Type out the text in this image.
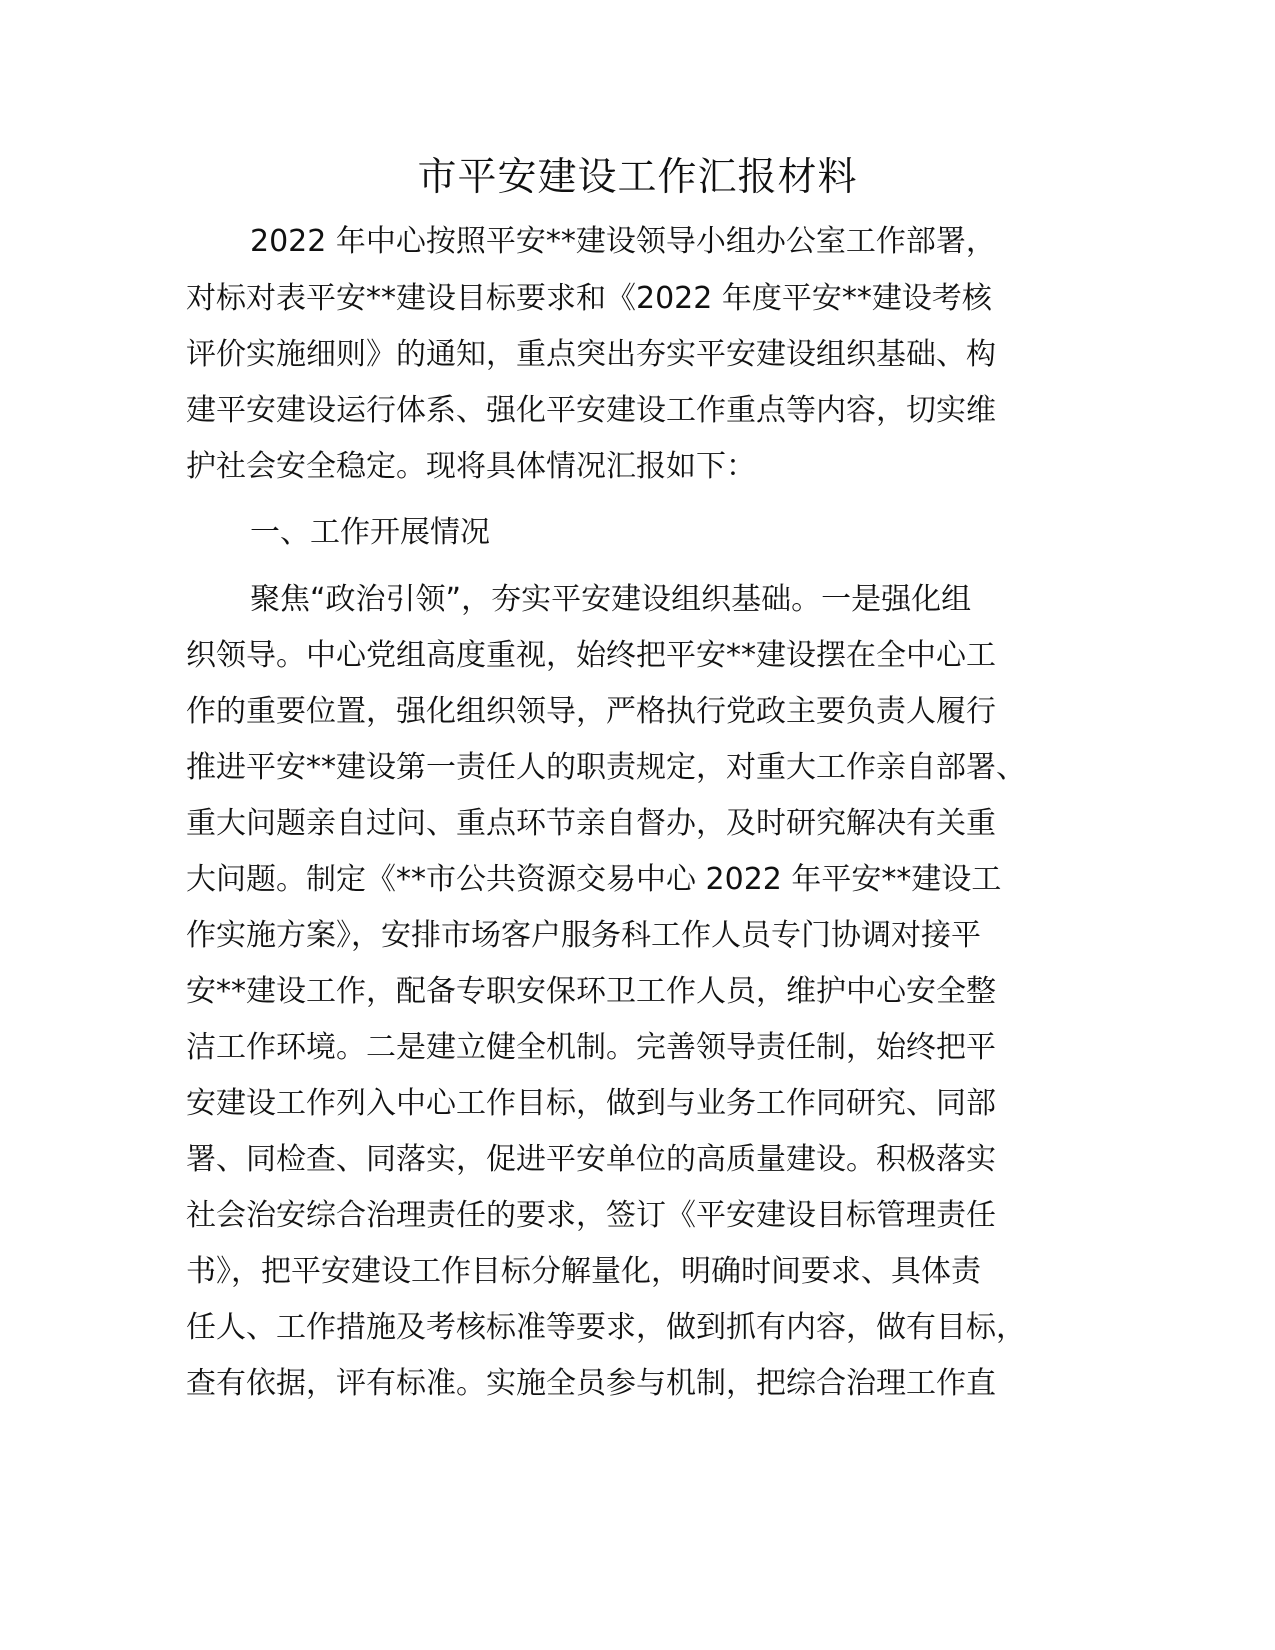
市平安建设工作汇报材料
2022 年中心按照平安**建设领导小组办公室工作部署，
对标对表平安**建设目标要求和《2022 年度平安**建设考核
评价实施细则》的通知，重点突出夯实平安建设组织基础、构
建平安建设运行体系、强化平安建设工作重点等内容，切实维
护社会安全稳定。现将具体情况汇报如下：
一、工作开展情况
聚焦“政治引领”，夯实平安建设组织基础。一是强化组
织领导。中心党组高度重视，始终把平安**建设摆在全中心工
作的重要位置，强化组织领导，严格执行党政主要负责人履行
推进平安**建设第一责任人的职责规定，对重大工作亲自部署、
重大问题亲自过问、重点环节亲自督办，及时研究解决有关重
大问题。制定《**市公共资源交易中心 2022 年平安**建设工
作实施方案》，安排市场客户服务科工作人员专门协调对接平
安**建设工作，配备专职安保环卫工作人员，维护中心安全整
洁工作环境。二是建立健全机制。完善领导责任制，始终把平
安建设工作列入中心工作目标，做到与业务工作同研究、同部
署、同检查、同落实，促进平安单位的高质量建设。积极落实
社会治安综合治理责任的要求，签订《平安建设目标管理责任
书》，把平安建设工作目标分解量化，明确时间要求、具体责
任人、工作措施及考核标准等要求，做到抓有内容，做有目标，
查有依据，评有标准。实施全员参与机制，把综合治理工作直
